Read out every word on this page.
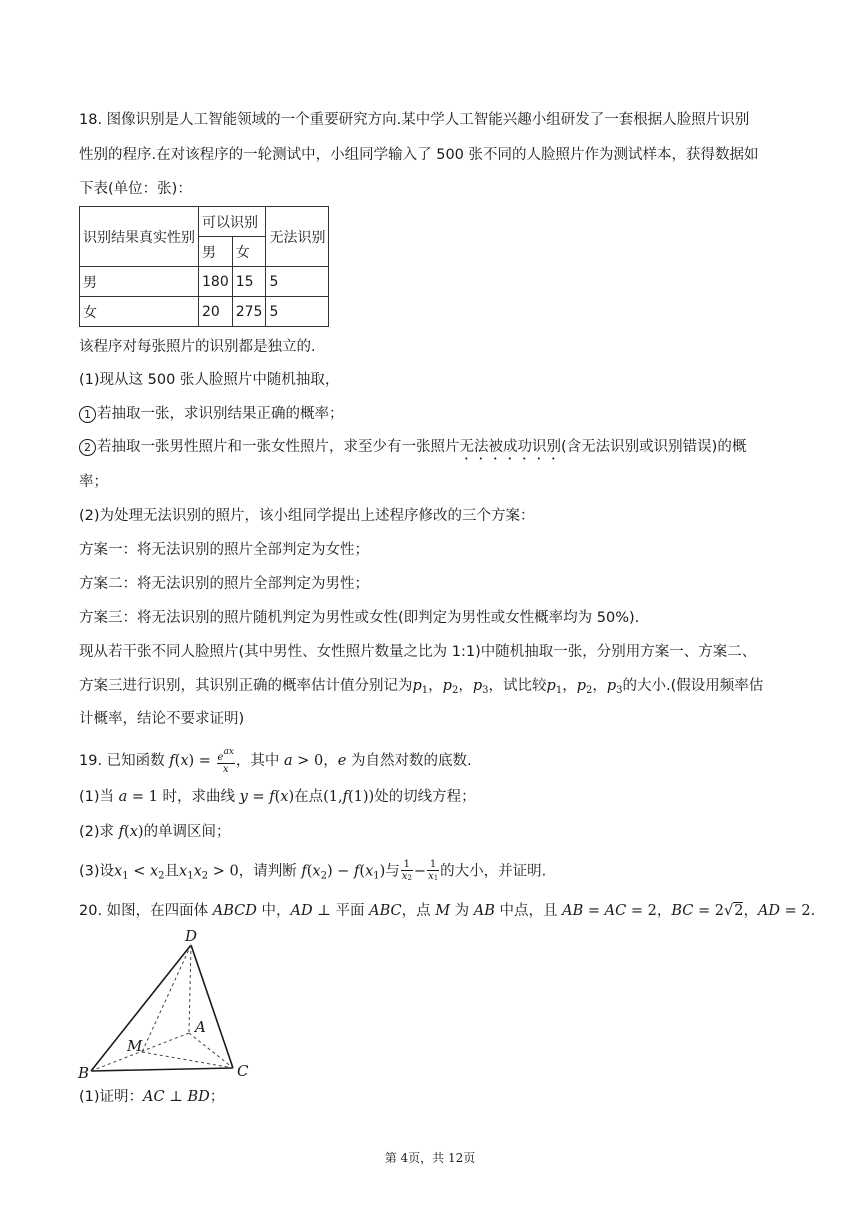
18. 图像识别是人工智能领域的一个重要研究方向.某中学人工智能兴趣小组研发了一套根据人脸照片识别
性别的程序.在对该程序的一轮测试中，小组同学输入了 500 张不同的人脸照片作为测试样本，获得数据如
下表(单位：张)：
识别结果真实性别	可以识别		无法识别
	男	女	
男	180	15	5
女	20	275	5
该程序对每张照片的识别都是独立的.
(1)现从这 500 张人脸照片中随机抽取，
1 若抽取一张，求识别结果正确的概率；
2 若抽取一张男性照片和一张女性照片，求至少有一张照片无法被成功识别(含无法识别或识别错误)的概
率；
(2)为处理无法识别的照片，该小组同学提出上述程序修改的三个方案：
方案一：将无法识别的照片全部判定为女性；
方案二：将无法识别的照片全部判定为男性；
方案三：将无法识别的照片随机判定为男性或女性(即判定为男性或女性概率均为 50%).
现从若干张不同人脸照片(其中男性、女性照片数量之比为 1:1)中随机抽取一张，分别用方案一、方案二、
方案三进行识别，其识别正确的概率估计值分别记为$p_1$，$p_2$，$p_3$，试比较$p_1$，$p_2$，$p_3$的大小.(假设用频率估
计概率，结论不要求证明)
19. 已知函数 $f(x) = \frac{e^{ax}}{x}$ ，其中 a > 0，e 为自然对数的底数.
(1)当 a = 1 时，求曲线 y = f(x)在点(1,f(1))处的切线方程；
(2)求 f(x)的单调区间；
(3)设$x_1 < x_2$且$x_1x_2 > 0$，请判断 $f(x_2) - f(x_1)$与 $\frac{1}{x_2} - \frac{1}{x_1}$ 的大小，并证明.
20. 如图，在四面体 ABCD 中，AD ⊥ 平面 ABC，点 M 为 AB 中点，且 AB = AC = 2，BC = 2√2，AD = 2.
D
A
M
B	C
(1)证明：AC ⊥ BD；
第 4页，共 12页
